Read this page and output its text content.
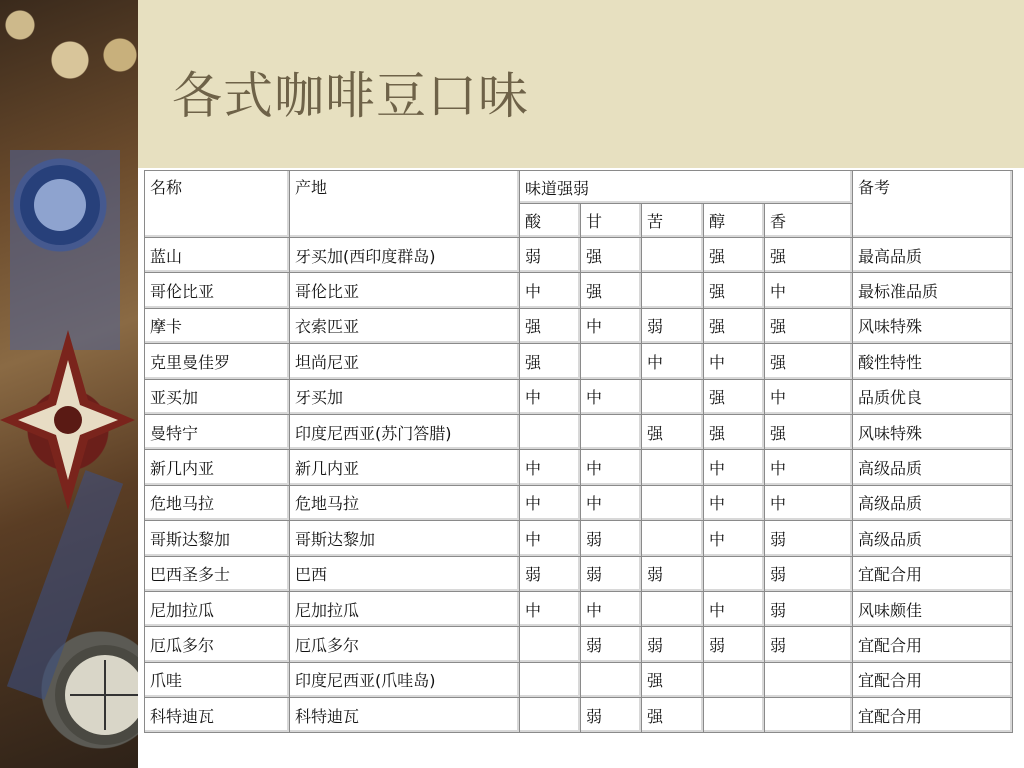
各式咖啡豆口味
名称	产地	味道强弱					备考
		酸	甘	苦	醇	香	
蓝山	牙买加(西印度群岛)	弱	强		强	强	最高品质
哥伦比亚	哥伦比亚	中	强		强	中	最标准品质
摩卡	衣索匹亚	强	中	弱	强	强	风味特殊
克里曼佳罗	坦尚尼亚	强		中	中	强	酸性特性
亚买加	牙买加	中	中		强	中	品质优良
曼特宁	印度尼西亚(苏门答腊)			强	强	强	风味特殊
新几内亚	新几内亚	中	中		中	中	高级品质
危地马拉	危地马拉	中	中		中	中	高级品质
哥斯达黎加	哥斯达黎加	中	弱		中	弱	高级品质
巴西圣多士	巴西	弱	弱	弱		弱	宜配合用
尼加拉瓜	尼加拉瓜	中	中		中	弱	风味颇佳
厄瓜多尔	厄瓜多尔		弱	弱	弱	弱	宜配合用
爪哇	印度尼西亚(爪哇岛)			强			宜配合用
科特迪瓦	科特迪瓦		弱	强			宜配合用
